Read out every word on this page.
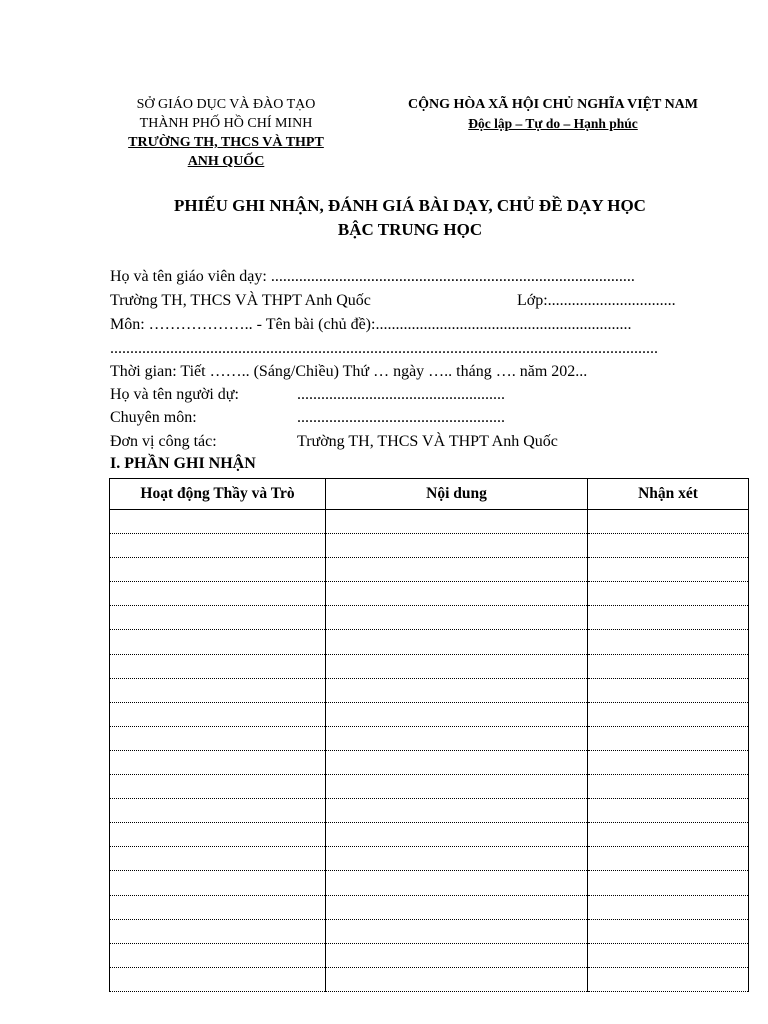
SỞ GIÁO DỤC VÀ ĐÀO TẠO
THÀNH PHỐ HỒ CHÍ MINH
TRƯỜNG TH, THCS VÀ THPT
ANH QUỐC
CỘNG HÒA XÃ HỘI CHỦ NGHĨA VIỆT NAM
Độc lập – Tự do – Hạnh phúc
PHIẾU GHI NHẬN, ĐÁNH GIÁ BÀI DẠY, CHỦ ĐỀ DẠY HỌC
BẬC TRUNG HỌC
Họ và tên giáo viên dạy: ...........................................................................................
Trường TH, THCS VÀ THPT Anh Quốc	Lớp:................................
Môn: ……………….. - Tên bài (chủ đề):................................................................
.........................................................................................................................................
Thời gian: Tiết …….. (Sáng/Chiều) Thứ … ngày ….. tháng …. năm 202...
Họ và tên người dự:	....................................................
Chuyên môn:	....................................................
Đơn vị công tác:	Trường TH, THCS VÀ THPT Anh Quốc
I. PHẦN GHI NHẬN
Hoạt động Thầy và Trò	Nội dung	Nhận xét
